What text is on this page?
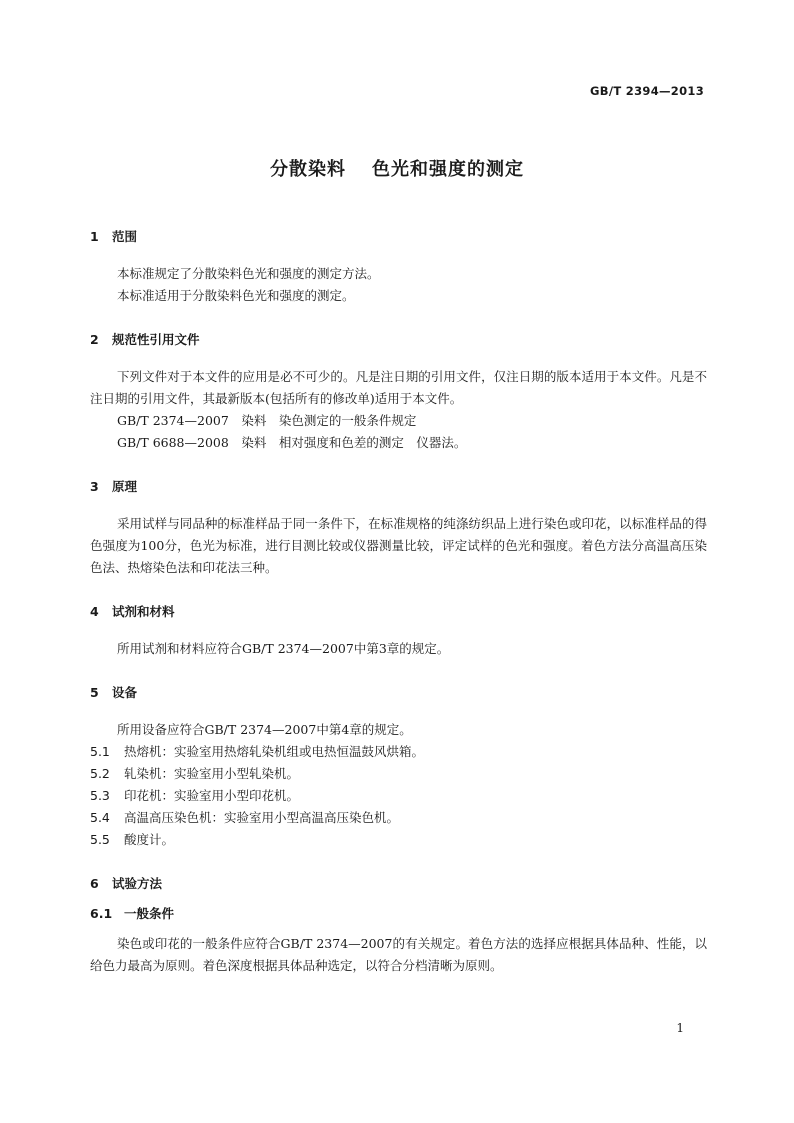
GB/T 2394—2013
分散染料 色光和强度的测定

1 范围

本标准规定了分散染料色光和强度的测定方法。

本标准适用于分散染料色光和强度的测定。

2 规范性引用文件

下列文件对于本文件的应用是必不可少的。凡是注日期的引用文件，仅注日期的版本适用于本文件。凡是不注日期的引用文件，其最新版本(包括所有的修改单)适用于本文件。

GB/T 2374—2007　染料　染色测定的一般条件规定

GB/T 6688—2008　染料　相对强度和色差的测定　仪器法。

3 原理

采用试样与同品种的标准样品于同一条件下，在标准规格的纯涤纺织品上进行染色或印花，以标准样品的得色强度为100分，色光为标准，进行目测比较或仪器测量比较，评定试样的色光和强度。着色方法分高温高压染色法、热熔染色法和印花法三种。

4 试剂和材料

所用试剂和材料应符合GB/T 2374—2007中第3章的规定。

5 设备

所用设备应符合GB/T 2374—2007中第4章的规定。

5.1 热熔机：实验室用热熔轧染机组或电热恒温鼓风烘箱。

5.2 轧染机：实验室用小型轧染机。

5.3 印花机：实验室用小型印花机。

5.4 高温高压染色机：实验室用小型高温高压染色机。

5.5 酸度计。

6 试验方法

6.1 一般条件

染色或印花的一般条件应符合GB/T 2374—2007的有关规定。着色方法的选择应根据具体品种、性能，以给色力最高为原则。着色深度根据具体品种选定，以符合分档清晰为原则。

1
